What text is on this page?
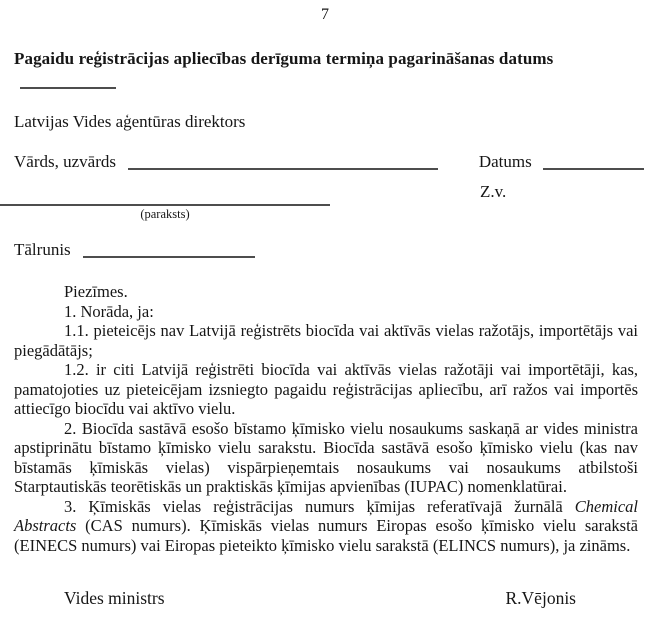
7
Pagaidu reģistrācijas apliecības derīguma termiņa pagarināšanas datums
Latvijas Vides aģentūras direktors
Vārds, uzvārds	Datums
(paraksts)
Z.v.
Tālrunis

Piezīmes.

1. Norāda, ja:

1.1. pieteicējs nav Latvijā reģistrēts biocīda vai aktīvās vielas ražotājs, importētājs vai piegādātājs;

1.2. ir citi Latvijā reģistrēti biocīda vai aktīvās vielas ražotāji vai importētāji, kas, pamatojoties uz pieteicējam izsniegto pagaidu reģistrācijas apliecību, arī ražos vai importēs attiecīgo biocīdu vai aktīvo vielu.

2. Biocīda sastāvā esošo bīstamo ķīmisko vielu nosaukums saskaņā ar vides ministra apstiprinātu bīstamo ķīmisko vielu sarakstu. Biocīda sastāvā esošo ķīmisko vielu (kas nav bīstamās ķīmiskās vielas) vispārpieņemtais nosaukums vai nosaukums atbilstoši Starptautiskās teorētiskās un praktiskās ķīmijas apvienības (IUPAC) nomenklatūrai.

3. Ķīmiskās vielas reģistrācijas numurs ķīmijas referatīvajā žurnālā Chemical Abstracts (CAS numurs). Ķīmiskās vielas numurs Eiropas esošo ķīmisko vielu sarakstā (EINECS numurs) vai Eiropas pieteikto ķīmisko vielu sarakstā (ELINCS numurs), ja zināms.

Vides ministrs	R.Vējonis
